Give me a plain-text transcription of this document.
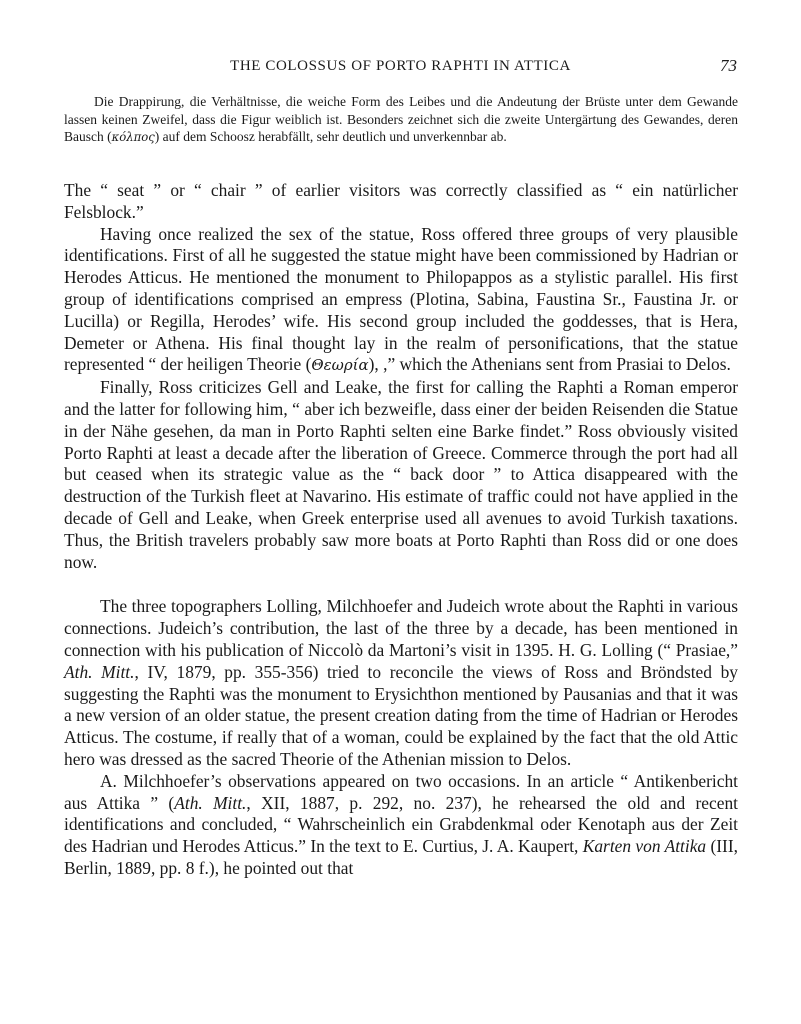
THE COLOSSUS OF PORTO RAPHTI IN ATTICA	73
Die Drappirung, die Verhältnisse, die weiche Form des Leibes und die Andeutung der Brüste unter dem Gewande lassen keinen Zweifel, dass die Figur weiblich ist. Besonders zeichnet sich die zweite Untergärtung des Gewandes, deren Bausch (κόλπος) auf dem Schoosz herabfällt, sehr deutlich und unverkennbar ab.

The “ seat ” or “ chair ” of earlier visitors was correctly classified as “ ein natürlicher Felsblock.”

Having once realized the sex of the statue, Ross offered three groups of very plausible identifications. First of all he suggested the statue might have been commissioned by Hadrian or Herodes Atticus. He mentioned the monument to Philopappos as a stylistic parallel. His first group of identifications comprised an empress (Plotina, Sabina, Faustina Sr., Faustina Jr. or Lucilla) or Regilla, Herodes’ wife. His second group included the goddesses, that is Hera, Demeter or Athena. His final thought lay in the realm of personifications, that the statue represented “ der heiligen Theorie (Θεωρία), ,” which the Athenians sent from Prasiai to Delos.

Finally, Ross criticizes Gell and Leake, the first for calling the Raphti a Roman emperor and the latter for following him, “ aber ich bezweifle, dass einer der beiden Reisenden die Statue in der Nähe gesehen, da man in Porto Raphti selten eine Barke findet.” Ross obviously visited Porto Raphti at least a decade after the liberation of Greece. Commerce through the port had all but ceased when its strategic value as the “ back door ” to Attica disappeared with the destruction of the Turkish fleet at Navarino. His estimate of traffic could not have applied in the decade of Gell and Leake, when Greek enterprise used all avenues to avoid Turkish taxations. Thus, the British travelers probably saw more boats at Porto Raphti than Ross did or one does now.

The three topographers Lolling, Milchhoefer and Judeich wrote about the Raphti in various connections. Judeich’s contribution, the last of the three by a decade, has been mentioned in connection with his publication of Niccolò da Martoni’s visit in 1395. H. G. Lolling (“ Prasiae,” Ath. Mitt., IV, 1879, pp. 355-356) tried to reconcile the views of Ross and Bröndsted by suggesting the Raphti was the monument to Erysichthon mentioned by Pausanias and that it was a new version of an older statue, the present creation dating from the time of Hadrian or Herodes Atticus. The costume, if really that of a woman, could be explained by the fact that the old Attic hero was dressed as the sacred Theorie of the Athenian mission to Delos.

A. Milchhoefer’s observations appeared on two occasions. In an article “ Antikenbericht aus Attika ” (Ath. Mitt., XII, 1887, p. 292, no. 237), he rehearsed the old and recent identifications and concluded, “ Wahrscheinlich ein Grabdenkmal oder Kenotaph aus der Zeit des Hadrian und Herodes Atticus.” In the text to E. Curtius, J. A. Kaupert, Karten von Attika (III, Berlin, 1889, pp. 8 f.), he pointed out that
